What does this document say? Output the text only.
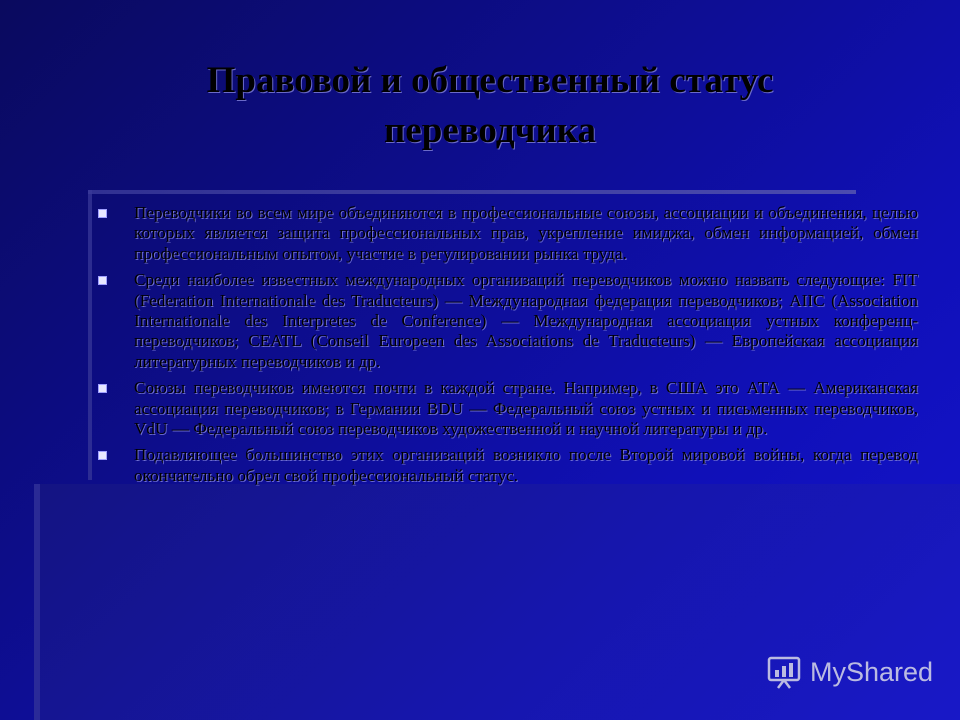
Правовой и общественный статус
переводчика
Переводчики во всем мире объединяются в профессиональные союзы, ассоциации и объединения, целью которых является защита профессиональных прав, укрепление имиджа, обмен информацией, обмен профессиональным опытом, участие в регулировании рынка труда.
Среди наиболее известных международных организаций переводчиков можно назвать следующие: FIT (Federation Internationale des Traducteurs) — Международная федерация переводчиков; AIIC (Association Internationale des Interpretes de Conference) — Международная ассоциация устных конференц-переводчиков; CEATL (Conseil Europeen des Associations de Traducteurs) — Европейская ассоциация литературных переводчиков и др.
Союзы переводчиков имеются почти в каждой стране. Например, в США это АТА — Американская ассоциация переводчиков; в Германии BDU — Федеральный союз устных и письменных переводчиков, VdU — Федеральный союз переводчиков художественной и научной литературы и др.
Подавляющее большинство этих организаций возникло после Второй мировой войны, когда перевод окончательно обрел свой профессиональный статус.
MyShared
